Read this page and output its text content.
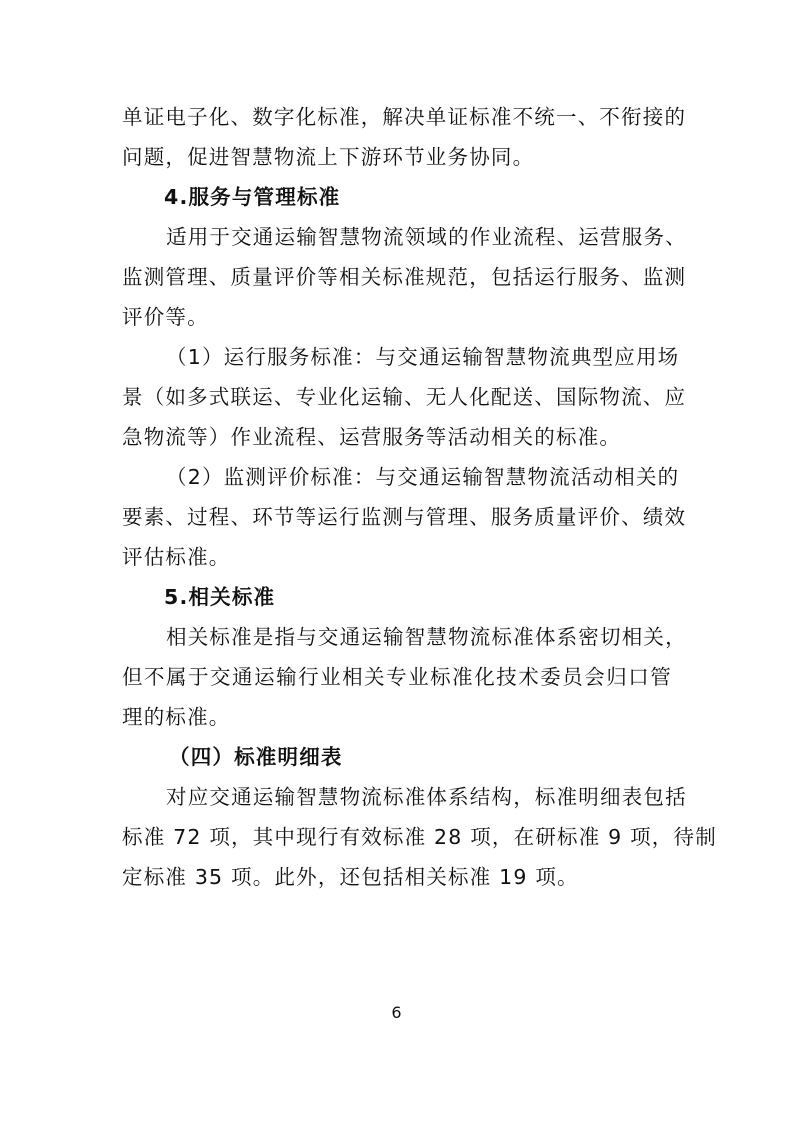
单证电子化、数字化标准，解决单证标准不统一、不衔接的
问题，促进智慧物流上下游环节业务协同。
4.服务与管理标准
适用于交通运输智慧物流领域的作业流程、运营服务、
监测管理、质量评价等相关标准规范，包括运行服务、监测
评价等。
（1）运行服务标准：与交通运输智慧物流典型应用场
景（如多式联运、专业化运输、无人化配送、国际物流、应
急物流等）作业流程、运营服务等活动相关的标准。
（2）监测评价标准：与交通运输智慧物流活动相关的
要素、过程、环节等运行监测与管理、服务质量评价、绩效
评估标准。
5.相关标准
相关标准是指与交通运输智慧物流标准体系密切相关，
但不属于交通运输行业相关专业标准化技术委员会归口管
理的标准。
（四）标准明细表
对应交通运输智慧物流标准体系结构，标准明细表包括
标准 72 项，其中现行有效标准 28 项，在研标准 9 项，待制
定标准 35 项。此外，还包括相关标准 19 项。
6
